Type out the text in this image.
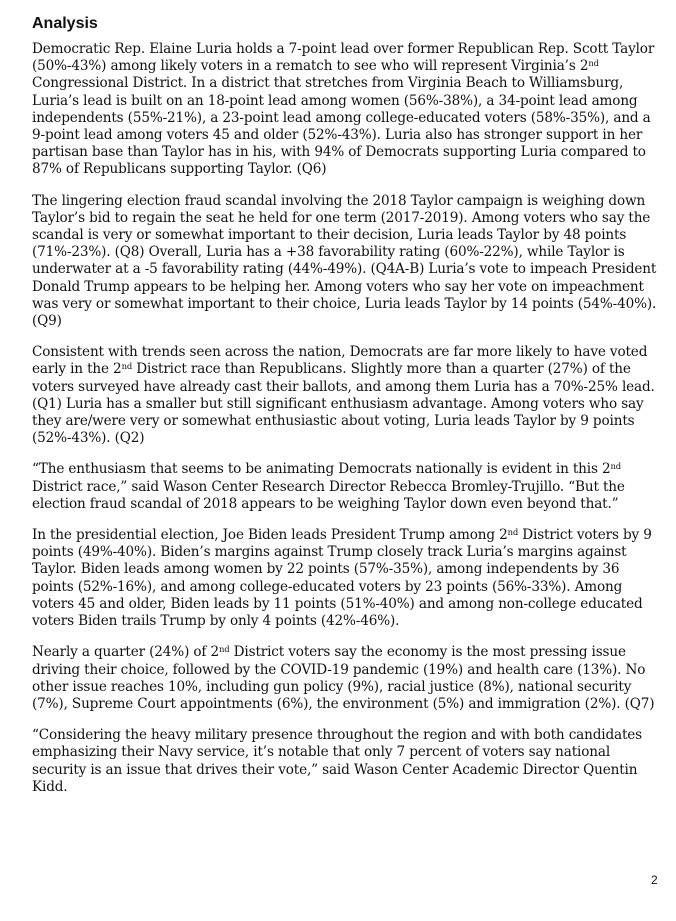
Analysis

Democratic Rep. Elaine Luria holds a 7-point lead over former Republican Rep. Scott Taylor (50%-43%) among likely voters in a rematch to see who will represent Virginia’s 2nd Congressional District. In a district that stretches from Virginia Beach to Williamsburg, Luria’s lead is built on an 18-point lead among women (56%-38%), a 34-point lead among independents (55%-21%), a 23-point lead among college-educated voters (58%-35%), and a 9-point lead among voters 45 and older (52%-43%). Luria also has stronger support in her partisan base than Taylor has in his, with 94% of Democrats supporting Luria compared to 87% of Republicans supporting Taylor. (Q6)

The lingering election fraud scandal involving the 2018 Taylor campaign is weighing down Taylor’s bid to regain the seat he held for one term (2017-2019). Among voters who say the scandal is very or somewhat important to their decision, Luria leads Taylor by 48 points (71%-23%). (Q8) Overall, Luria has a +38 favorability rating (60%-22%), while Taylor is underwater at a -5 favorability rating (44%-49%). (Q4A-B) Luria’s vote to impeach President Donald Trump appears to be helping her. Among voters who say her vote on impeachment was very or somewhat important to their choice, Luria leads Taylor by 14 points (54%-40%). (Q9)

Consistent with trends seen across the nation, Democrats are far more likely to have voted early in the 2nd District race than Republicans. Slightly more than a quarter (27%) of the voters surveyed have already cast their ballots, and among them Luria has a 70%-25% lead. (Q1) Luria has a smaller but still significant enthusiasm advantage. Among voters who say they are/were very or somewhat enthusiastic about voting, Luria leads Taylor by 9 points (52%-43%). (Q2)

“The enthusiasm that seems to be animating Democrats nationally is evident in this 2nd District race,” said Wason Center Research Director Rebecca Bromley-Trujillo. “But the election fraud scandal of 2018 appears to be weighing Taylor down even beyond that.”

In the presidential election, Joe Biden leads President Trump among 2nd District voters by 9 points (49%-40%). Biden’s margins against Trump closely track Luria’s margins against Taylor. Biden leads among women by 22 points (57%-35%), among independents by 36 points (52%-16%), and among college-educated voters by 23 points (56%-33%). Among voters 45 and older, Biden leads by 11 points (51%-40%) and among non-college educated voters Biden trails Trump by only 4 points (42%-46%).

Nearly a quarter (24%) of 2nd District voters say the economy is the most pressing issue driving their choice, followed by the COVID-19 pandemic (19%) and health care (13%). No other issue reaches 10%, including gun policy (9%), racial justice (8%), national security (7%), Supreme Court appointments (6%), the environment (5%) and immigration (2%). (Q7)

“Considering the heavy military presence throughout the region and with both candidates emphasizing their Navy service, it’s notable that only 7 percent of voters say national security is an issue that drives their vote,” said Wason Center Academic Director Quentin Kidd.

2
